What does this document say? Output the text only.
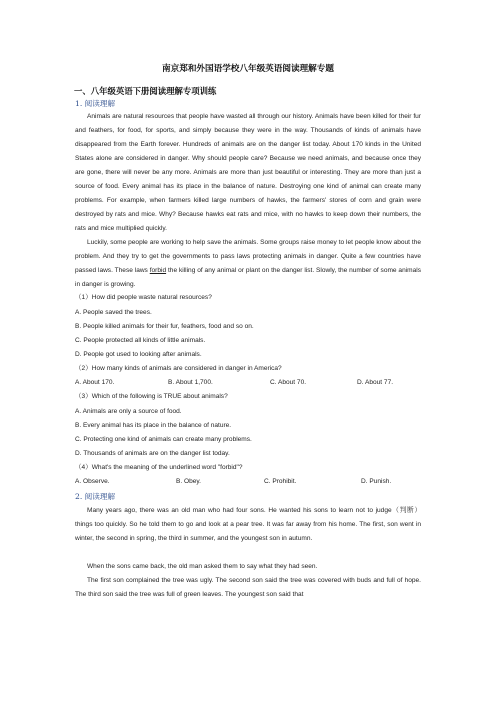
南京郑和外国语学校八年级英语阅读理解专题
一、八年级英语下册阅读理解专项训练
1. 阅读理解

Animals are natural resources that people have wasted all through our history. Animals have been killed for their fur and feathers, for food, for sports, and simply because they were in the way. Thousands of kinds of animals have disappeared from the Earth forever. Hundreds of animals are on the danger list today. About 170 kinds in the United States alone are considered in danger. Why should people care? Because we need animals, and because once they are gone, there will never be any more. Animals are more than just beautiful or interesting. They are more than just a source of food. Every animal has its place in the balance of nature. Destroying one kind of animal can create many problems. For example, when farmers killed large numbers of hawks, the farmers' stores of corn and grain were destroyed by rats and mice. Why? Because hawks eat rats and mice, with no hawks to keep down their numbers, the rats and mice multiplied quickly.

Luckily, some people are working to help save the animals. Some groups raise money to let people know about the problem. And they try to get the governments to pass laws protecting animals in danger. Quite a few countries have passed laws. These laws forbid the killing of any animal or plant on the danger list. Slowly, the number of some animals in danger is growing.

（1）How did people waste natural resources?
A. People saved the trees.
B. People killed animals for their fur, feathers, food and so on.
C. People protected all kinds of little animals.
D. People got used to looking after animals.
（2）How many kinds of animals are considered in danger in America?
A. About 170.	B. About 1,700.	C. About 70.	D. About 77.
（3）Which of the following is TRUE about animals?
A. Animals are only a source of food.
B. Every animal has its place in the balance of nature.
C. Protecting one kind of animals can create many problems.
D. Thousands of animals are on the danger list today.
（4）What's the meaning of the underlined word "forbid"?
A. Observe.	B. Obey.	C. Prohibit.	D. Punish.
2. 阅读理解

Many years ago, there was an old man who had four sons. He wanted his sons to learn not to judge（判断） things too quickly. So he told them to go and look at a pear tree. It was far away from his home. The first, son went in winter, the second in spring, the third in summer, and the youngest son in autumn.

When the sons came back, the old man asked them to say what they had seen.

The first son complained the tree was ugly. The second son said the tree was covered with buds and full of hope. The third son said the tree was full of green leaves. The youngest son said that
